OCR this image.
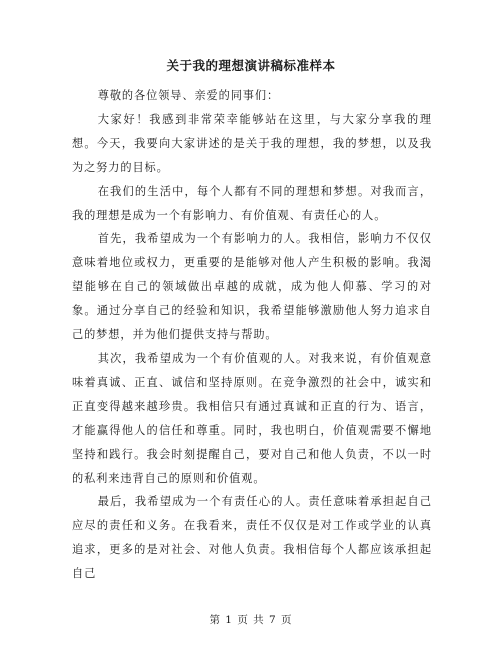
关于我的理想演讲稿标准样本

尊敬的各位领导、亲爱的同事们：

大家好！我感到非常荣幸能够站在这里，与大家分享我的理想。今天，我要向大家讲述的是关于我的理想，我的梦想，以及我为之努力的目标。

在我们的生活中，每个人都有不同的理想和梦想。对我而言，我的理想是成为一个有影响力、有价值观、有责任心的人。

首先，我希望成为一个有影响力的人。我相信，影响力不仅仅意味着地位或权力，更重要的是能够对他人产生积极的影响。我渴望能够在自己的领域做出卓越的成就，成为他人仰慕、学习的对象。通过分享自己的经验和知识，我希望能够激励他人努力追求自己的梦想，并为他们提供支持与帮助。

其次，我希望成为一个有价值观的人。对我来说，有价值观意味着真诚、正直、诚信和坚持原则。在竞争激烈的社会中，诚实和正直变得越来越珍贵。我相信只有通过真诚和正直的行为、语言，才能赢得他人的信任和尊重。同时，我也明白，价值观需要不懈地坚持和践行。我会时刻提醒自己，要对自己和他人负责，不以一时的私利来违背自己的原则和价值观。

最后，我希望成为一个有责任心的人。责任意味着承担起自己应尽的责任和义务。在我看来，责任不仅仅是对工作或学业的认真追求，更多的是对社会、对他人负责。我相信每个人都应该承担起自己

第 1 页 共 7 页
